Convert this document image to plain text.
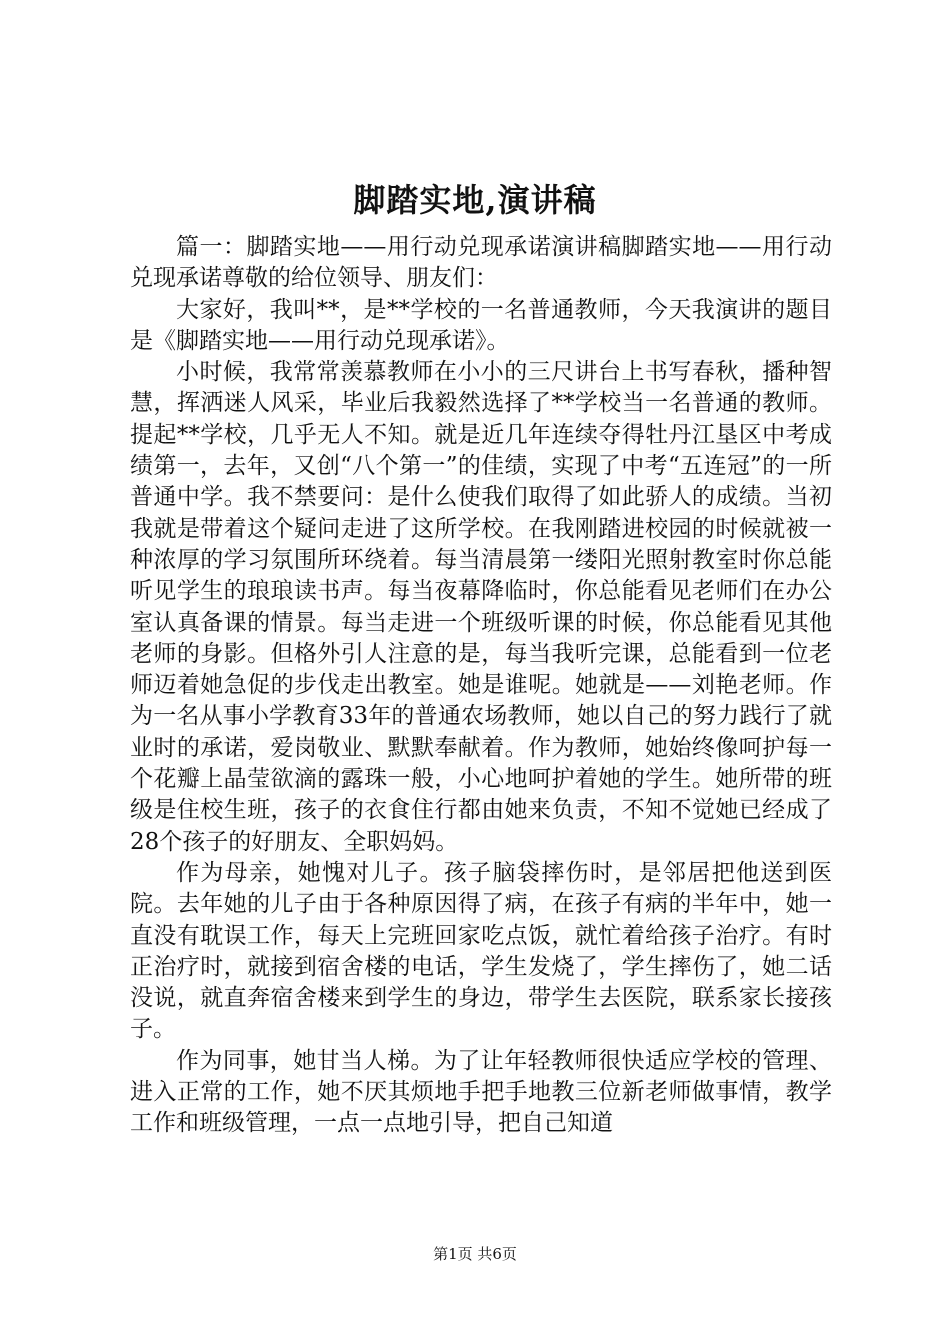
脚踏实地,演讲稿

篇一：脚踏实地——用行动兑现承诺演讲稿脚踏实地——用行动兑现承诺尊敬的给位领导、朋友们：

大家好，我叫**，是**学校的一名普通教师，今天我演讲的题目是《脚踏实地——用行动兑现承诺》。

小时候，我常常羡慕教师在小小的三尺讲台上书写春秋，播种智慧，挥洒迷人风采，毕业后我毅然选择了**学校当一名普通的教师。提起**学校，几乎无人不知。就是近几年连续夺得牡丹江垦区中考成绩第一，去年，又创“八个第一”的佳绩，实现了中考“五连冠”的一所普通中学。我不禁要问：是什么使我们取得了如此骄人的成绩。当初我就是带着这个疑问走进了这所学校。在我刚踏进校园的时候就被一种浓厚的学习氛围所环绕着。每当清晨第一缕阳光照射教室时你总能听见学生的琅琅读书声。每当夜幕降临时，你总能看见老师们在办公室认真备课的情景。每当走进一个班级听课的时候，你总能看见其他老师的身影。但格外引人注意的是，每当我听完课，总能看到一位老师迈着她急促的步伐走出教室。她是谁呢。她就是——刘艳老师。作为一名从事小学教育33年的普通农场教师，她以自己的努力践行了就业时的承诺，爱岗敬业、默默奉献着。作为教师，她始终像呵护每一个花瓣上晶莹欲滴的露珠一般，小心地呵护着她的学生。她所带的班级是住校生班，孩子的衣食住行都由她来负责，不知不觉她已经成了28个孩子的好朋友、全职妈妈。

作为母亲，她愧对儿子。孩子脑袋摔伤时，是邻居把他送到医院。去年她的儿子由于各种原因得了病，在孩子有病的半年中，她一直没有耽误工作，每天上完班回家吃点饭，就忙着给孩子治疗。有时正治疗时，就接到宿舍楼的电话，学生发烧了，学生摔伤了，她二话没说，就直奔宿舍楼来到学生的身边，带学生去医院，联系家长接孩子。

作为同事，她甘当人梯。为了让年轻教师很快适应学校的管理、进入正常的工作，她不厌其烦地手把手地教三位新老师做事情，教学工作和班级管理，一点一点地引导，把自己知道

第1页 共6页
